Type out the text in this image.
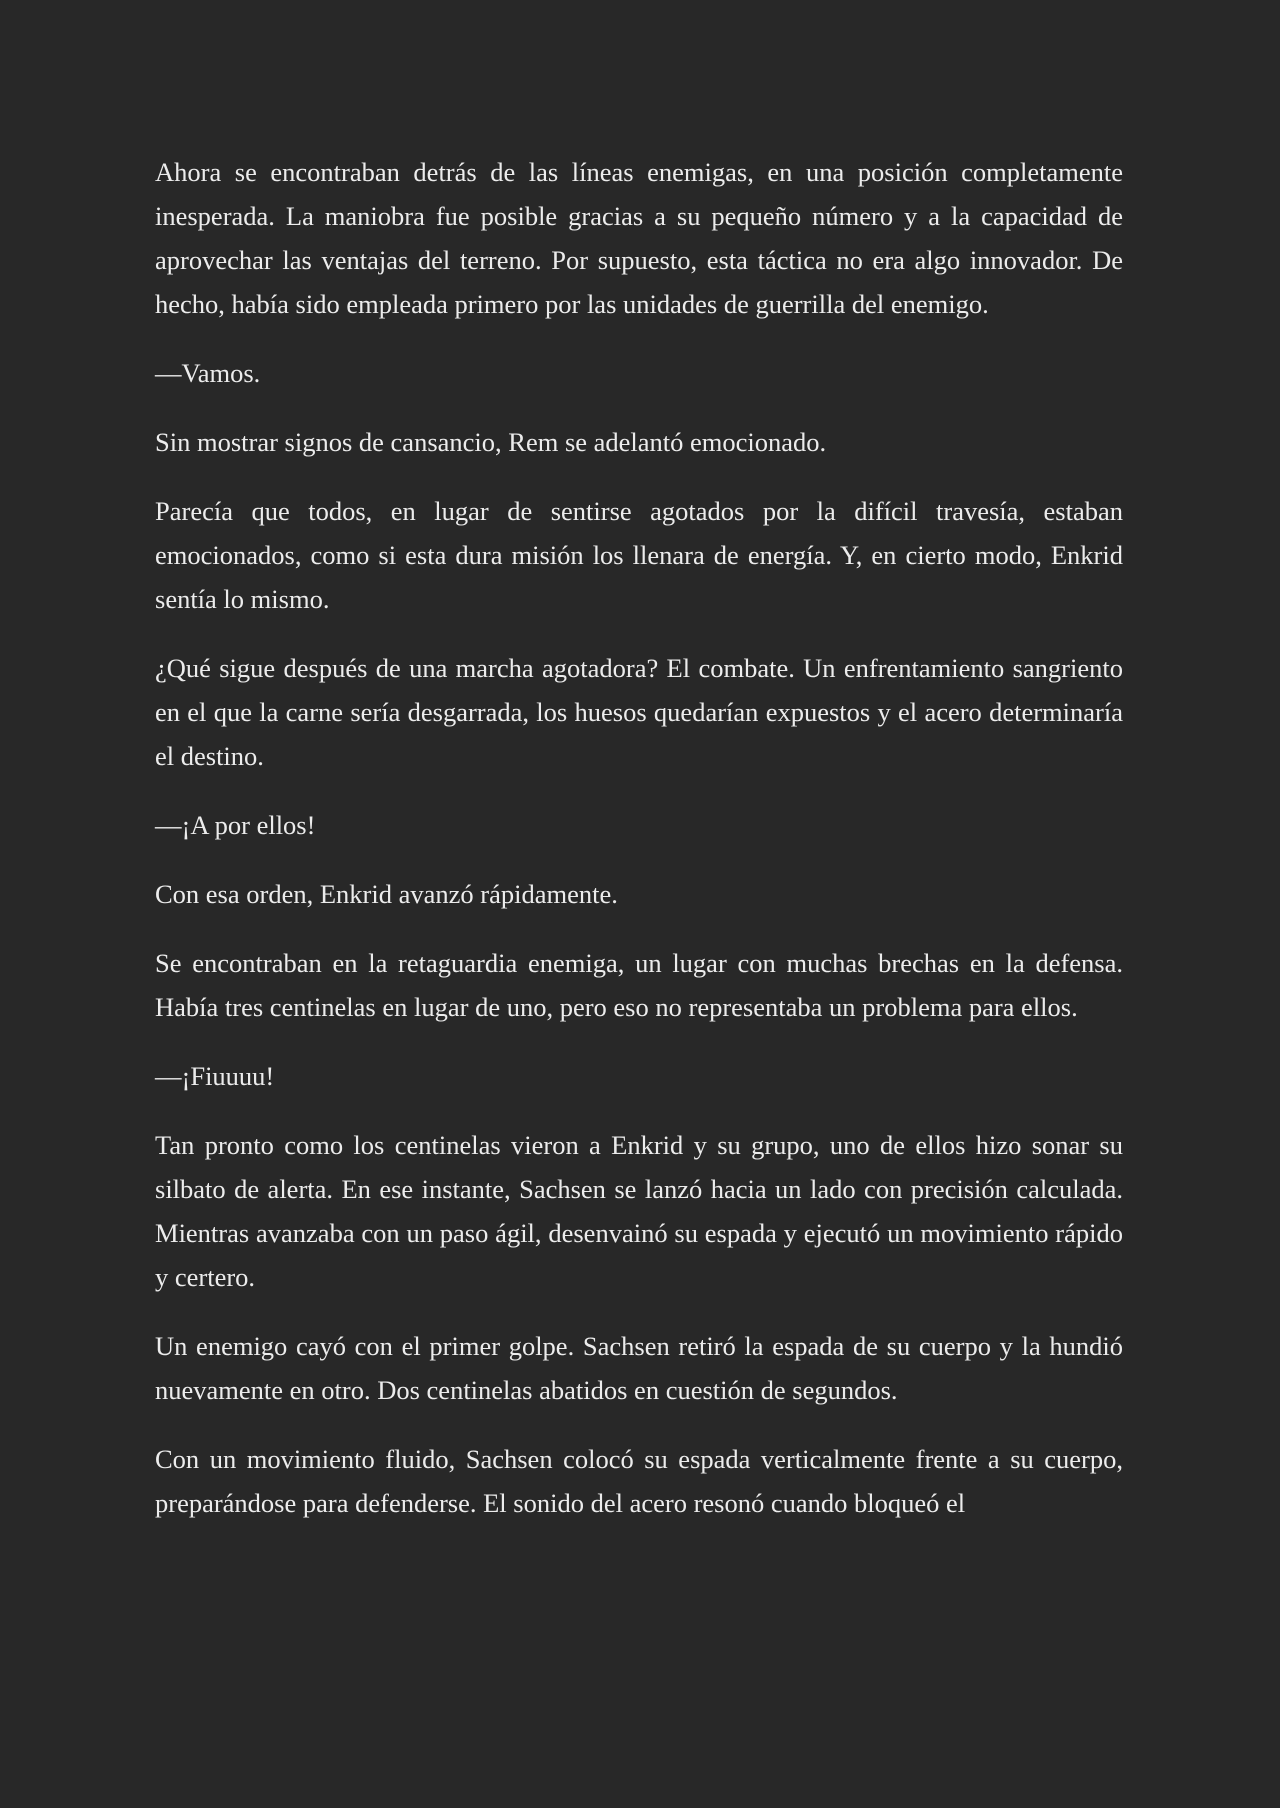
Ahora se encontraban detrás de las líneas enemigas, en una posición completamente inesperada. La maniobra fue posible gracias a su pequeño número y a la capacidad de aprovechar las ventajas del terreno. Por supuesto, esta táctica no era algo innovador. De hecho, había sido empleada primero por las unidades de guerrilla del enemigo.

—Vamos.

Sin mostrar signos de cansancio, Rem se adelantó emocionado.

Parecía que todos, en lugar de sentirse agotados por la difícil travesía, estaban emocionados, como si esta dura misión los llenara de energía. Y, en cierto modo, Enkrid sentía lo mismo.

¿Qué sigue después de una marcha agotadora? El combate. Un enfrentamiento sangriento en el que la carne sería desgarrada, los huesos quedarían expuestos y el acero determinaría el destino.

—¡A por ellos!

Con esa orden, Enkrid avanzó rápidamente.

Se encontraban en la retaguardia enemiga, un lugar con muchas brechas en la defensa. Había tres centinelas en lugar de uno, pero eso no representaba un problema para ellos.

—¡Fiuuuu!

Tan pronto como los centinelas vieron a Enkrid y su grupo, uno de ellos hizo sonar su silbato de alerta. En ese instante, Sachsen se lanzó hacia un lado con precisión calculada. Mientras avanzaba con un paso ágil, desenvainó su espada y ejecutó un movimiento rápido y certero.

Un enemigo cayó con el primer golpe. Sachsen retiró la espada de su cuerpo y la hundió nuevamente en otro. Dos centinelas abatidos en cuestión de segundos.

Con un movimiento fluido, Sachsen colocó su espada verticalmente frente a su cuerpo, preparándose para defenderse. El sonido del acero resonó cuando bloqueó el
